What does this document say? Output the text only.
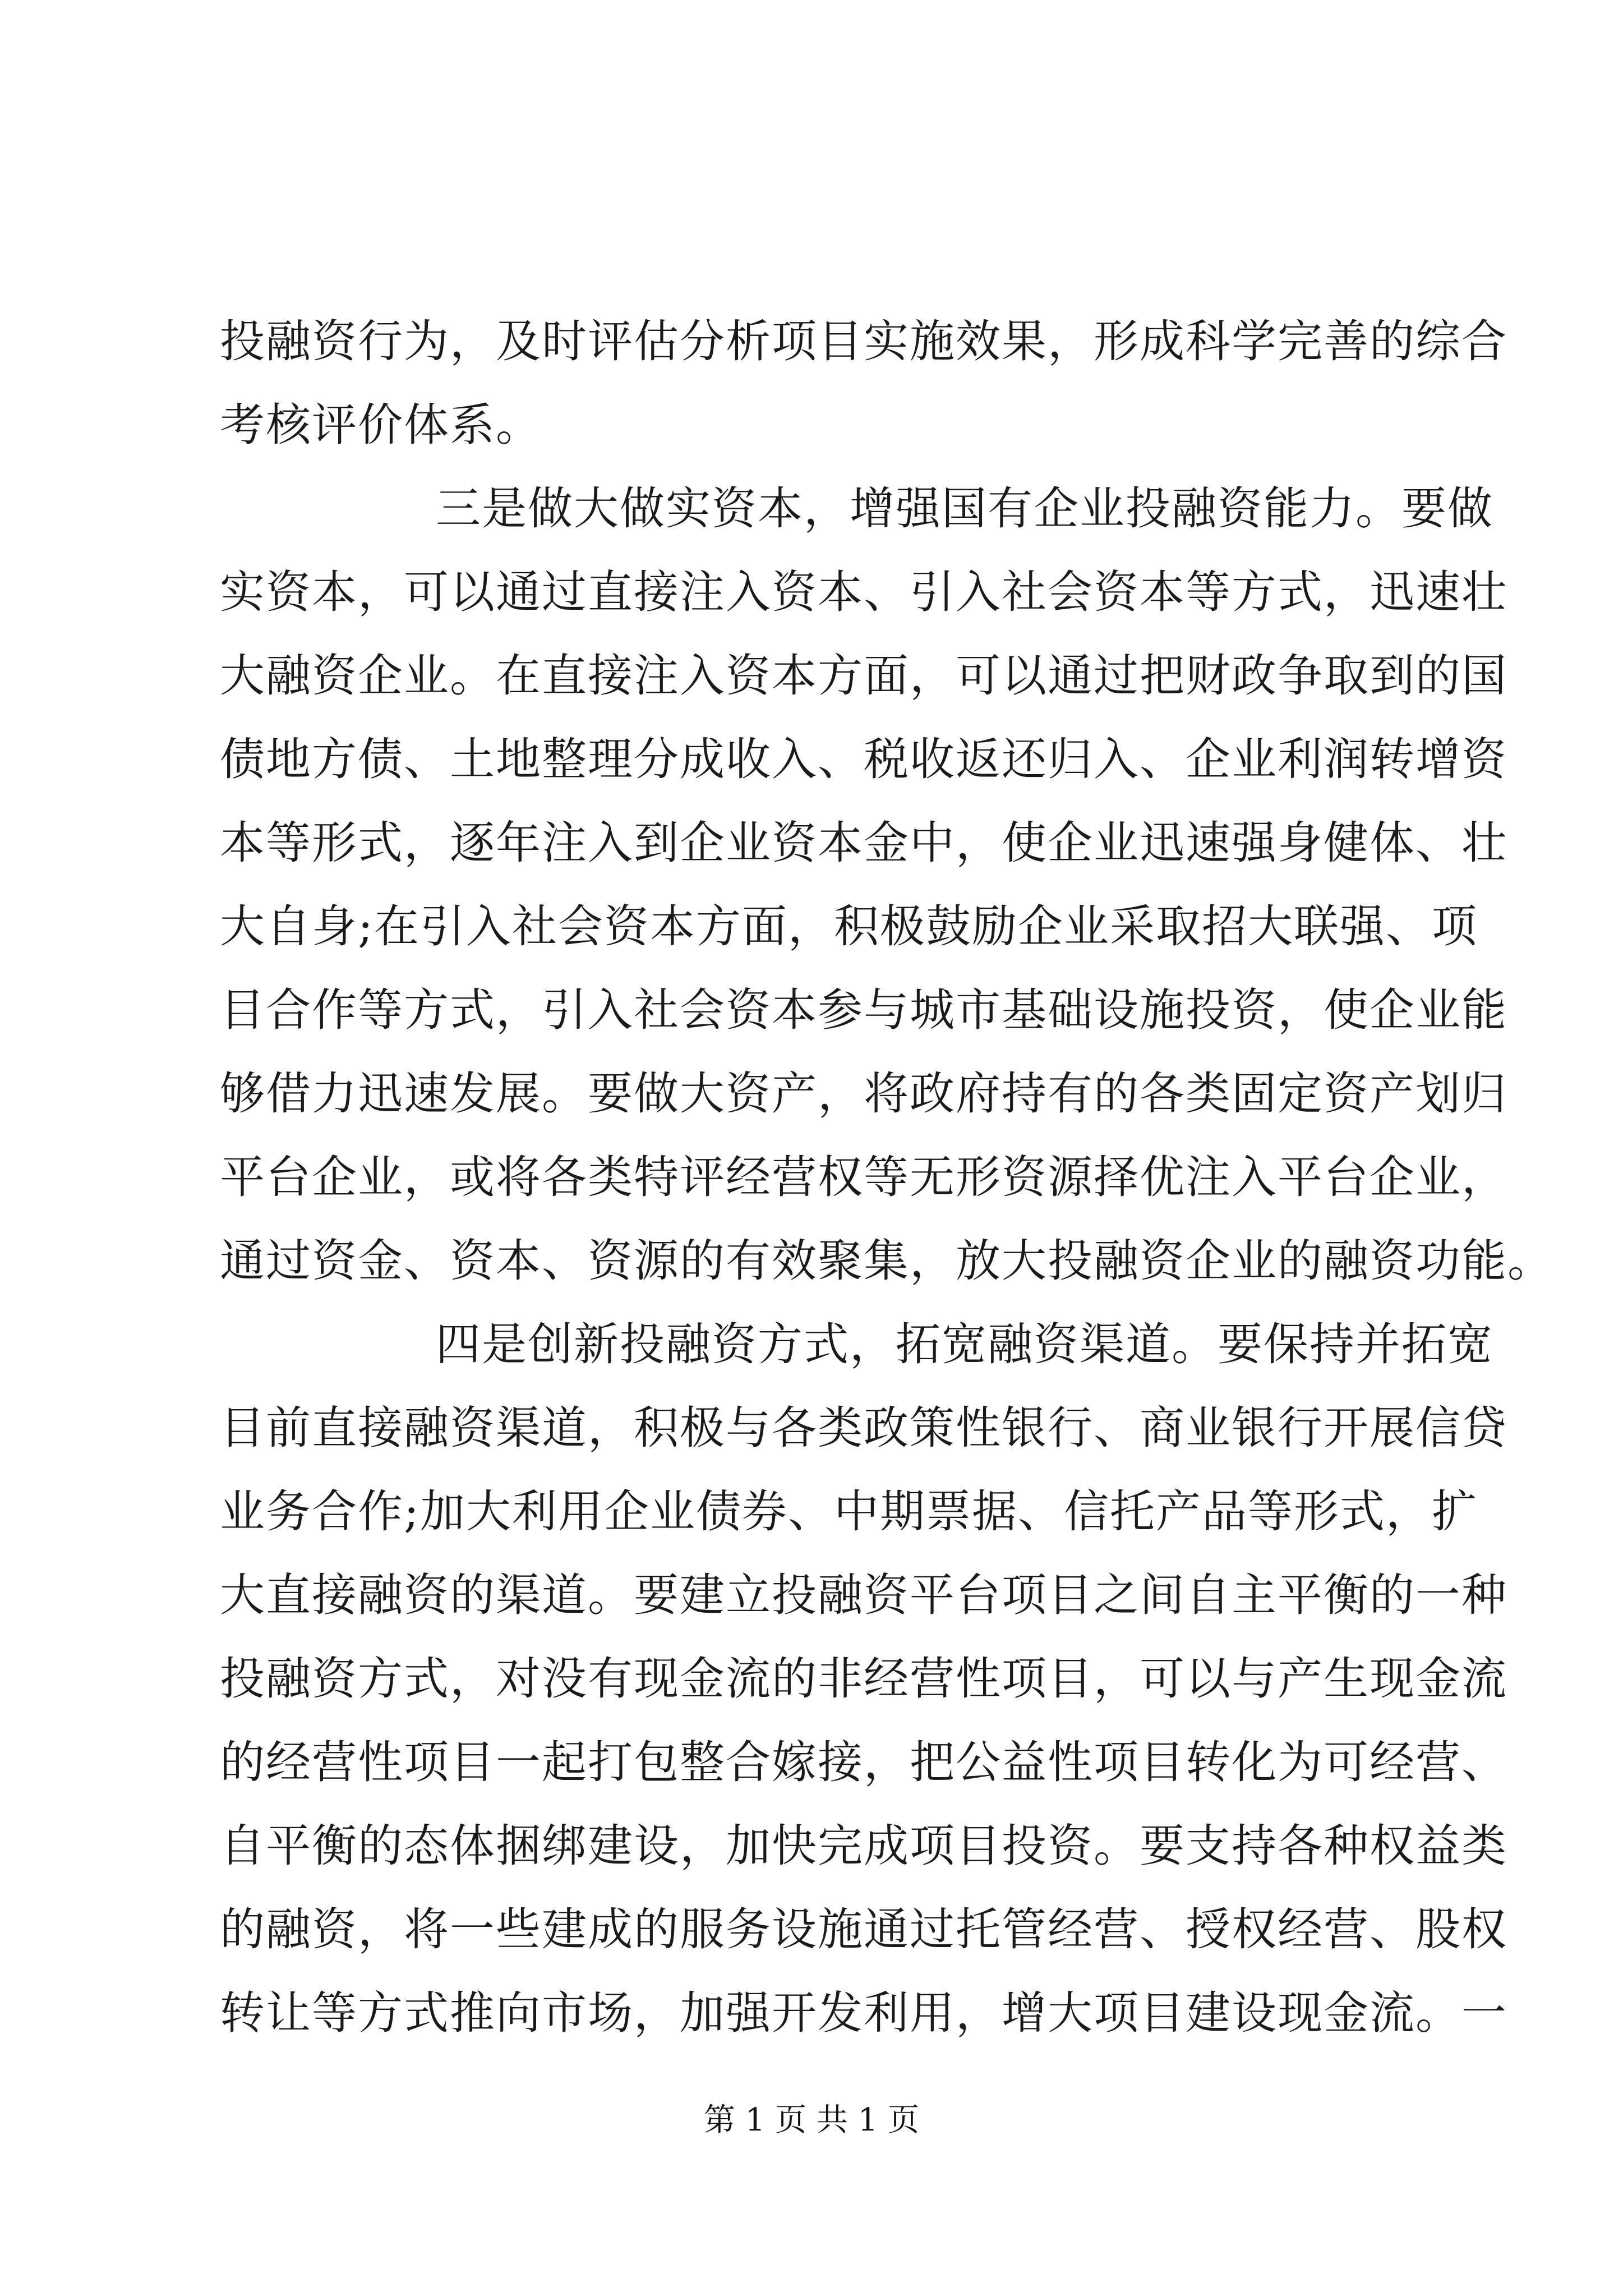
投融资行为，及时评估分析项目实施效果，形成科学完善的综合
考核评价体系。
三是做大做实资本，增强国有企业投融资能力。要做
实资本，可以通过直接注入资本、引入社会资本等方式，迅速壮
大融资企业。在直接注入资本方面，可以通过把财政争取到的国
债地方债、土地整理分成收入、税收返还归入、企业利润转增资
本等形式，逐年注入到企业资本金中，使企业迅速强身健体、壮
大自身;在引入社会资本方面，积极鼓励企业采取招大联强、项
目合作等方式，引入社会资本参与城市基础设施投资，使企业能
够借力迅速发展。要做大资产，将政府持有的各类固定资产划归
平台企业，或将各类特评经营权等无形资源择优注入平台企业，
通过资金、资本、资源的有效聚集，放大投融资企业的融资功能。
四是创新投融资方式，拓宽融资渠道。要保持并拓宽
目前直接融资渠道，积极与各类政策性银行、商业银行开展信贷
业务合作;加大利用企业债券、中期票据、信托产品等形式，扩
大直接融资的渠道。要建立投融资平台项目之间自主平衡的一种
投融资方式，对没有现金流的非经营性项目，可以与产生现金流
的经营性项目一起打包整合嫁接，把公益性项目转化为可经营、
自平衡的态体捆绑建设，加快完成项目投资。要支持各种权益类
的融资，将一些建成的服务设施通过托管经营、授权经营、股权
转让等方式推向市场，加强开发利用，增大项目建设现金流。一
第 1 页 共 1 页
